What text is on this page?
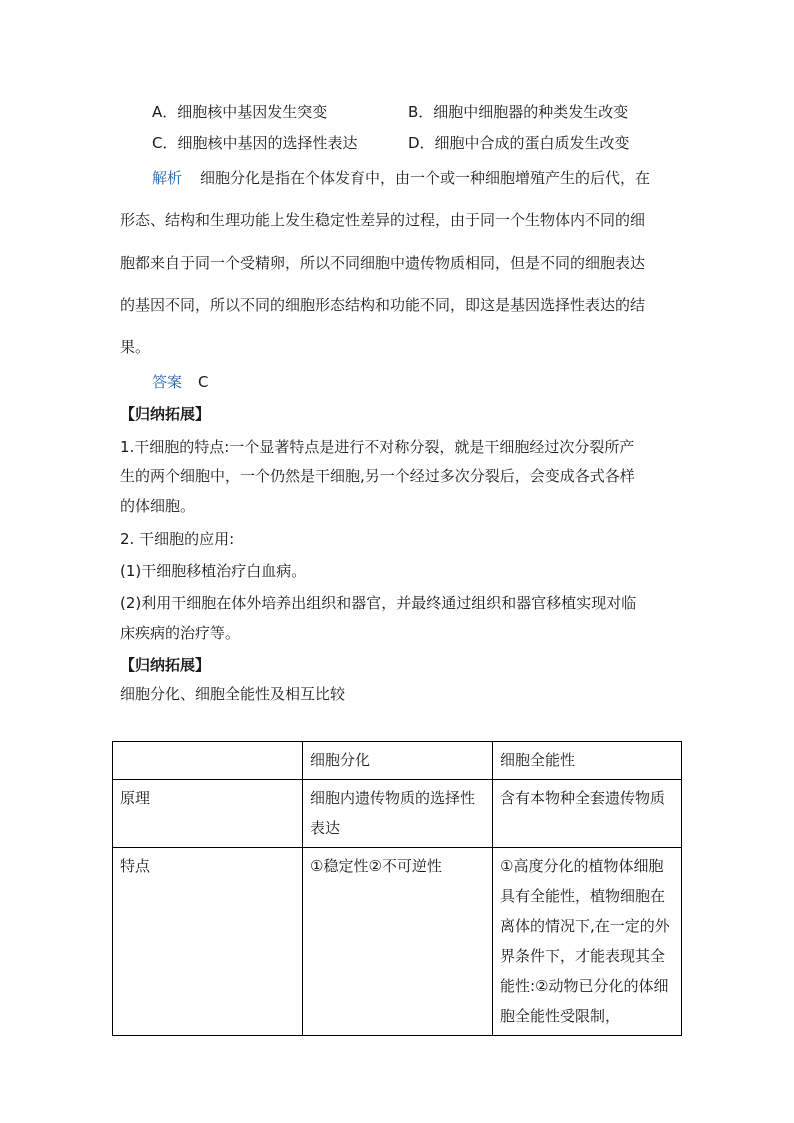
A．细胞核中基因发生突变	B．细胞中细胞器的种类发生改变
C．细胞核中基因的选择性表达	D．细胞中合成的蛋白质发生改变
解析 细胞分化是指在个体发育中，由一个或一种细胞增殖产生的后代，在
形态、结构和生理功能上发生稳定性差异的过程，由于同一个生物体内不同的细
胞都来自于同一个受精卵，所以不同细胞中遗传物质相同，但是不同的细胞表达
的基因不同，所以不同的细胞形态结构和功能不同，即这是基因选择性表达的结
果。
答案 C
【归纳拓展】
1.干细胞的特点:一个显著特点是进行不对称分裂，就是干细胞经过次分裂所产
生的两个细胞中，一个仍然是干细胞,另一个经过多次分裂后，会变成各式各样
的体细胞。
2. 干细胞的应用:
(1)干细胞移植治疗白血病。
(2)利用干细胞在体外培养出组织和器官，并最终通过组织和器官移植实现对临
床疾病的治疗等。
【归纳拓展】
细胞分化、细胞全能性及相互比较
	细胞分化	细胞全能性
原理	细胞内遗传物质的选择性表达	含有本物种全套遗传物质
特点	①稳定性②不可逆性	①高度分化的植物体细胞具有全能性，植物细胞在离体的情况下,在一定的外界条件下，才能表现其全能性:②动物已分化的体细胞全能性受限制，
